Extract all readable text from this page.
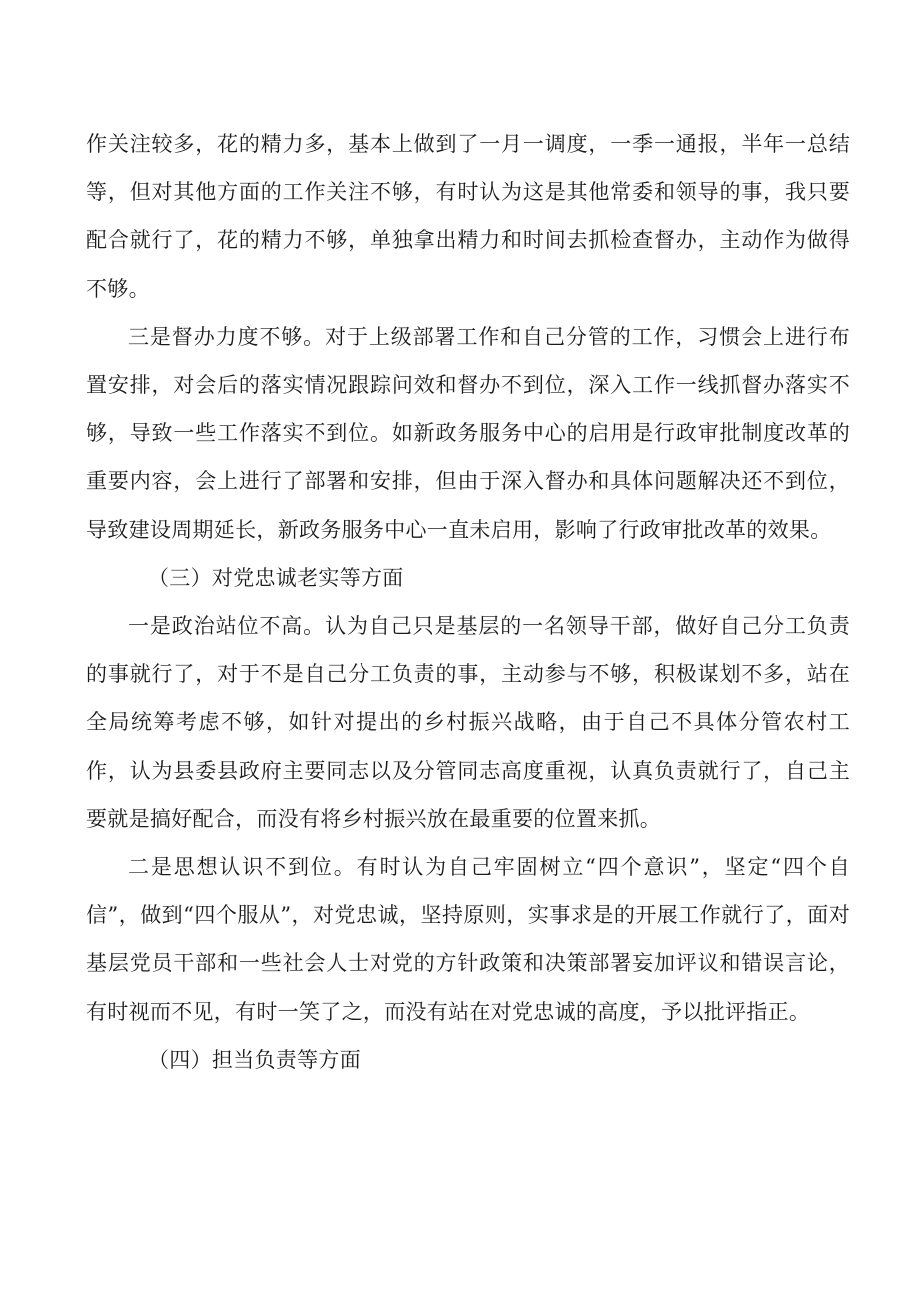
作关注较多，花的精力多，基本上做到了一月一调度，一季一通报，半年一总结等，但对其他方面的工作关注不够，有时认为这是其他常委和领导的事，我只要配合就行了，花的精力不够，单独拿出精力和时间去抓检查督办，主动作为做得不够。

三是督办力度不够。对于上级部署工作和自己分管的工作，习惯会上进行布置安排，对会后的落实情况跟踪问效和督办不到位，深入工作一线抓督办落实不够，导致一些工作落实不到位。如新政务服务中心的启用是行政审批制度改革的重要内容，会上进行了部署和安排，但由于深入督办和具体问题解决还不到位，导致建设周期延长，新政务服务中心一直未启用，影响了行政审批改革的效果。

（三）对党忠诚老实等方面

一是政治站位不高。认为自己只是基层的一名领导干部，做好自己分工负责的事就行了，对于不是自己分工负责的事，主动参与不够，积极谋划不多，站在全局统筹考虑不够，如针对提出的乡村振兴战略，由于自己不具体分管农村工作，认为县委县政府主要同志以及分管同志高度重视，认真负责就行了，自己主要就是搞好配合，而没有将乡村振兴放在最重要的位置来抓。

二是思想认识不到位。有时认为自己牢固树立“四个意识”，坚定“四个自信”，做到“四个服从”，对党忠诚，坚持原则，实事求是的开展工作就行了，面对基层党员干部和一些社会人士对党的方针政策和决策部署妄加评议和错误言论，有时视而不见，有时一笑了之，而没有站在对党忠诚的高度，予以批评指正。

（四）担当负责等方面
